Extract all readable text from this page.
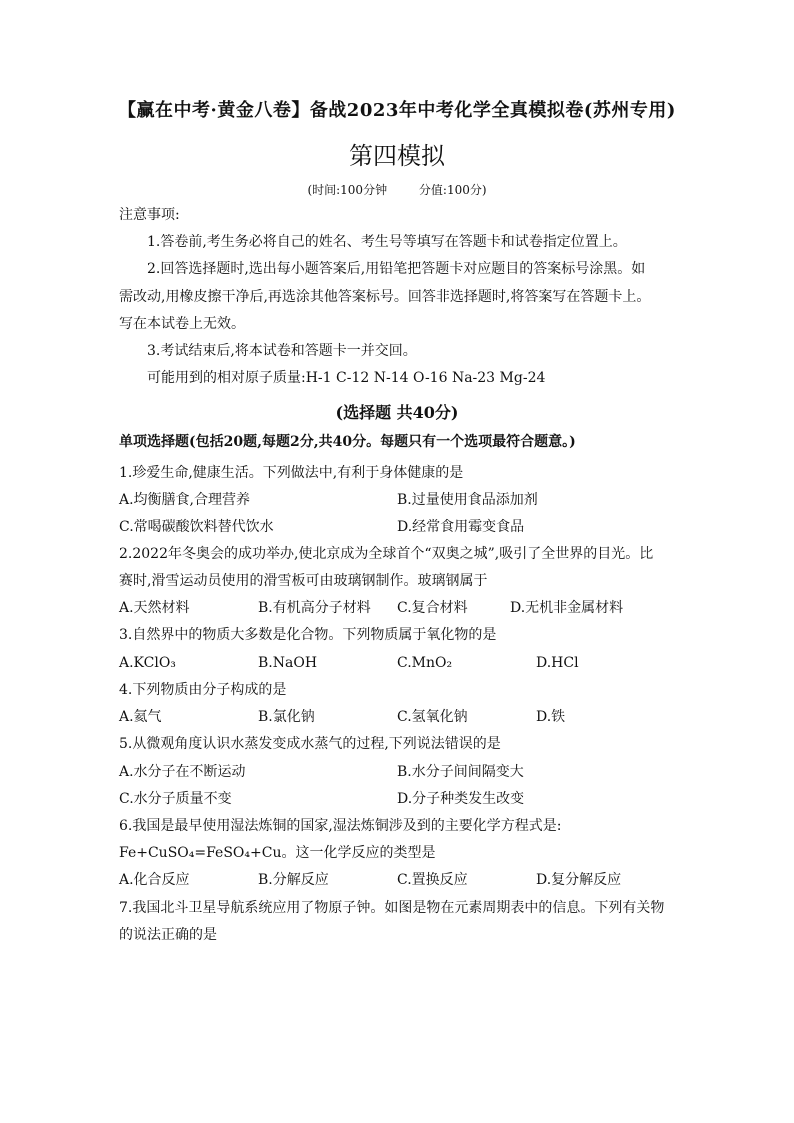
【赢在中考·黄金八卷】备战2023年中考化学全真模拟卷(苏州专用)
第四模拟
(时间:100分钟	分值:100分)
注意事项:
1.答卷前,考生务必将自己的姓名、考生号等填写在答题卡和试卷指定位置上。
2.回答选择题时,选出每小题答案后,用铅笔把答题卡对应题目的答案标号涂黑。如
需改动,用橡皮擦干净后,再选涂其他答案标号。回答非选择题时,将答案写在答题卡上。
写在本试卷上无效。
3.考试结束后,将本试卷和答题卡一并交回。
可能用到的相对原子质量:H-1 C-12 N-14 O-16 Na-23 Mg-24
(选择题 共40分)
单项选择题(包括20题,每题2分,共40分。每题只有一个选项最符合题意。)
1.珍爱生命,健康生活。下列做法中,有利于身体健康的是
A.均衡膳食,合理营养	B.过量使用食品添加剂
C.常喝碳酸饮料替代饮水	D.经常食用霉变食品
2.2022年冬奥会的成功举办,使北京成为全球首个“双奥之城”,吸引了全世界的目光。比
赛时,滑雪运动员使用的滑雪板可由玻璃钢制作。玻璃钢属于
A.天然材料	B.有机高分子材料 C.复合材料	D.无机非金属材料
3.自然界中的物质大多数是化合物。下列物质属于氧化物的是
A.KClO₃	B.NaOH	C.MnO₂	D.HCl
4.下列物质由分子构成的是
A.氦气	B.氯化钠	C.氢氧化钠	D.铁
5.从微观角度认识水蒸发变成水蒸气的过程,下列说法错误的是
A.水分子在不断运动	B.水分子间间隔变大
C.水分子质量不变	D.分子种类发生改变
6.我国是最早使用湿法炼铜的国家,湿法炼铜涉及到的主要化学方程式是:
Fe+CuSO₄=FeSO₄+Cu。这一化学反应的类型是
A.化合反应	B.分解反应	C.置换反应	D.复分解反应
7.我国北斗卫星导航系统应用了物原子钟。如图是物在元素周期表中的信息。下列有关物
的说法正确的是
